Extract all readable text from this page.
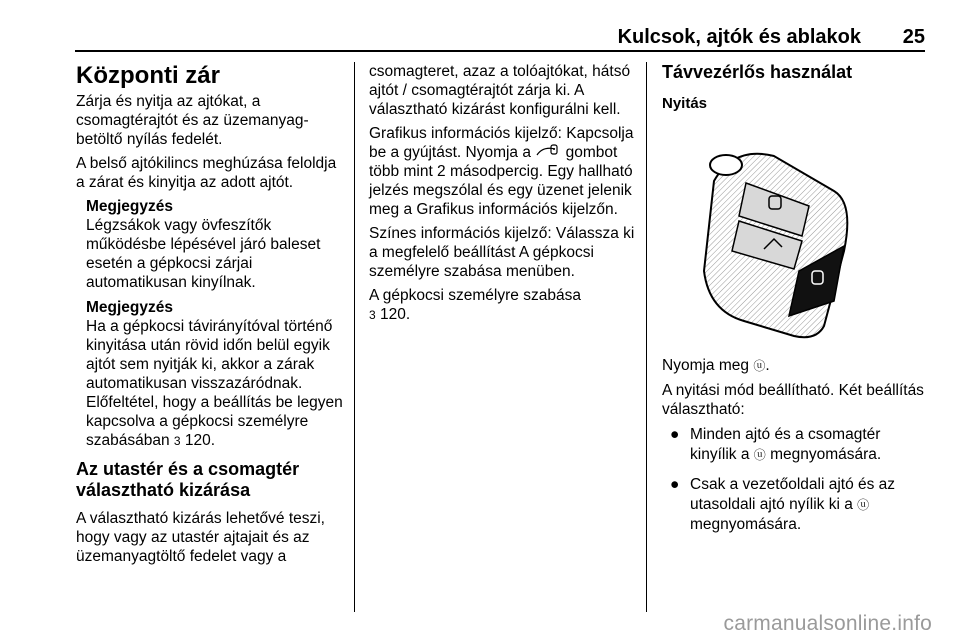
Kulcsok, ajtók és ablakok 25
Központi zár

Zárja és nyitja az ajtókat, a csomagtérajtót és az üzemanyag-betöltő nyílás fedelét.

A belső ajtókilincs meghúzása feloldja a zárat és kinyitja az adott ajtót.

Megjegyzés

Légzsákok vagy övfeszítők működésbe lépésével járó baleset esetén a gépkocsi zárjai automatikusan kinyílnak.

Megjegyzés

Ha a gépkocsi távirányítóval történő kinyitása után rövid időn belül egyik ajtót sem nyitják ki, akkor a zárak automatikusan visszazáródnak. Előfeltétel, hogy a beállítás be legyen kapcsolva a gépkocsi személyre szabásában 3 120.

Az utastér és a csomagtér választható kizárása

A választható kizárás lehetővé teszi, hogy vagy az utastér ajtajait és az üzemanyagtöltő fedelet vagy a

csomagteret, azaz a tolóajtókat, hátsó ajtót / csomagtérajtót zárja ki. A választható kizárást konfigurálni kell.

Grafikus információs kijelző: Kapcsolja be a gyújtást. Nyomja a gombot több mint 2 másodpercig. Egy hallható jelzés megszólal és egy üzenet jelenik meg a Grafikus információs kijelzőn.

Színes információs kijelző: Válassza ki a megfelelő beállítást A gépkocsi személyre szabása menüben.

A gépkocsi személyre szabása
3 120.

Távvezérlős használat
Nyitás

Nyomja meg ⓤ.

A nyitási mód beállítható. Két beállítás választható:

● Minden ajtó és a csomagtér kinyílik a ⓤ megnyomására.
● Csak a vezetőoldali ajtó és az utasoldali ajtó nyílik ki a ⓤ
megnyomására.
carmanualsonline.info
